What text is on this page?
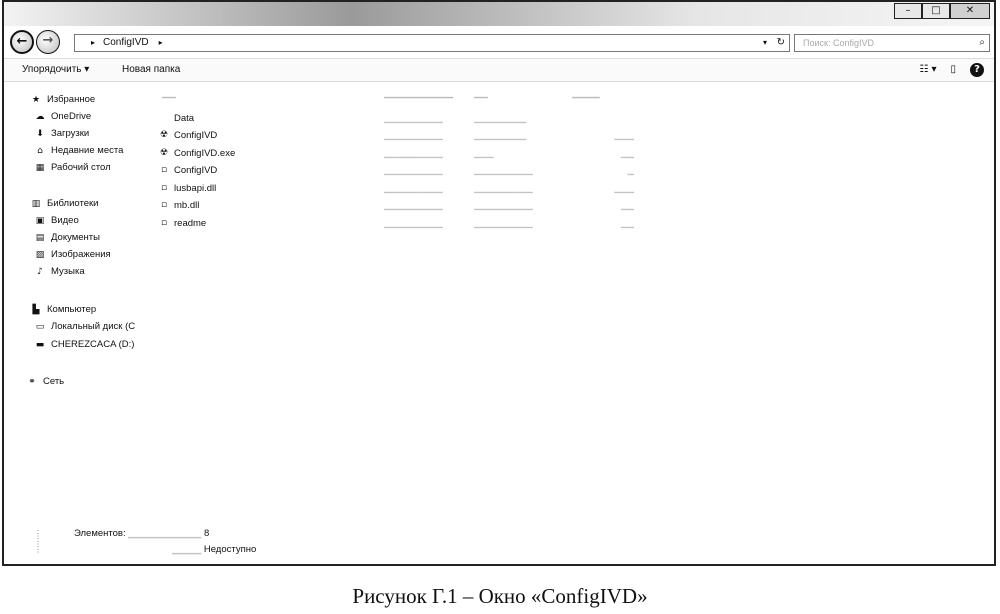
–	□	✕
←	→	▸ ConfigIVD ▸	▾ ↻	Поиск: ConfigIVD	⌕
Упорядочить ▾	Новая папка	☷ ▾ ▯	?
★ Избранное
☁ OneDrive
⬇ Загрузки
⌂ Недавние места
▦ Рабочий стол
▥ Библиотеки
▣ Видео
▤ Документы
▨ Изображения
♪ Музыка
▙ Компьютер
▭ Локальный диск (C
▬ CHEREZCACA (D:)
⚭ Сеть
▁▁	▁▁▁▁▁▁▁▁▁▁ ▁▁	▁▁▁▁
Data	▁▁▁▁▁▁▁▁▁	▁▁▁▁▁▁▁▁
☢ ConfigIVD	▁▁▁▁▁▁▁▁▁	▁▁▁▁▁▁▁▁	▁▁▁
☢ ConfigIVD.exe	▁▁▁▁▁▁▁▁▁	▁▁▁	▁▁
▫ ConfigIVD	▁▁▁▁▁▁▁▁▁	▁▁▁▁▁▁▁▁▁	▁
▫ lusbapi.dll	▁▁▁▁▁▁▁▁▁	▁▁▁▁▁▁▁▁▁	▁▁▁
▫ mb.dll	▁▁▁▁▁▁▁▁▁	▁▁▁▁▁▁▁▁▁	▁▁
▫ readme	▁▁▁▁▁▁▁▁▁	▁▁▁▁▁▁▁▁▁	▁▁
⋮
⋮
⋮
Элементов: ▁▁▁▁▁▁▁▁▁▁ 8
▁▁▁▁ Недоступно
Рисунок Г.1 – Окно «ConfigIVD»
